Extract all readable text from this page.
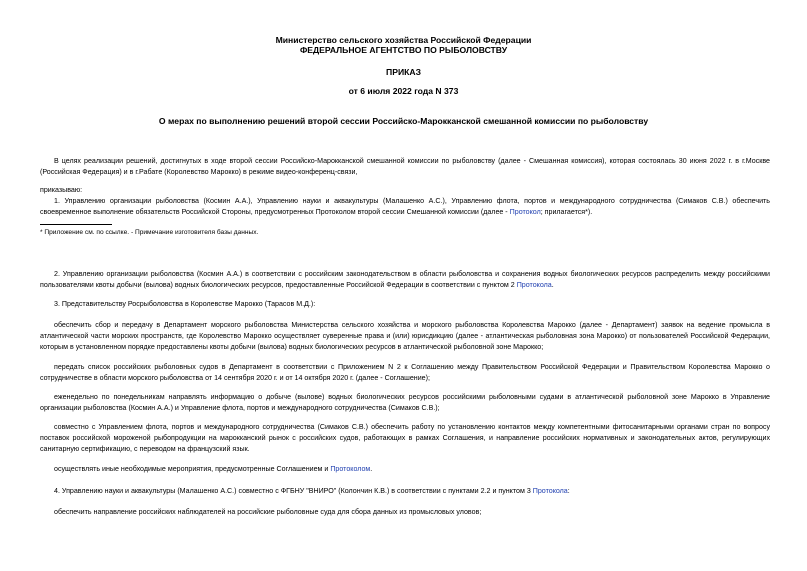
Министерство сельского хозяйства Российской Федерации
ФЕДЕРАЛЬНОЕ АГЕНТСТВО ПО РЫБОЛОВСТВУ
ПРИКАЗ
от 6 июля 2022 года N 373
О мерах по выполнению решений второй сессии Российско-Марокканской смешанной комиссии по рыболовству
В целях реализации решений, достигнутых в ходе второй сессии Российско-Марокканской смешанной комиссии по рыболовству (далее - Смешанная комиссия), которая состоялась 30 июня 2022 г. в г.Москве (Российская Федерация) и в г.Рабате (Королевство Марокко) в режиме видео-конференц-связи,
приказываю:
1. Управлению организации рыболовства (Космин А.А.), Управлению науки и аквакультуры (Малашенко А.С.), Управлению флота, портов и международного сотрудничества (Симаков С.В.) обеспечить своевременное выполнение обязательств Российской Стороны, предусмотренных Протоколом второй сессии Смешанной комиссии (далее - Протокол; прилагается*).
* Приложение см. по ссылке. - Примечание изготовителя базы данных.
2. Управлению организации рыболовства (Космин А.А.) в соответствии с российским законодательством в области рыболовства и сохранения водных биологических ресурсов распределить между российскими пользователями квоты добычи (вылова) водных биологических ресурсов, предоставленные Российской Федерации в соответствии с пунктом 2 Протокола.
3. Представительству Росрыболовства в Королевстве Марокко (Тарасов М.Д.):
обеспечить сбор и передачу в Департамент морского рыболовства Министерства сельского хозяйства и морского рыболовства Королевства Марокко (далее - Департамент) заявок на ведение промысла в атлантической части морских пространств, где Королевство Марокко осуществляет суверенные права и (или) юрисдикцию (далее - атлантическая рыболовная зона Марокко) от пользователей Российской Федерации, которым в установленном порядке предоставлены квоты добычи (вылова) водных биологических ресурсов в атлантической рыболовной зоне Марокко;
передать список российских рыболовных судов в Департамент в соответствии с Приложением N 2 к Соглашению между Правительством Российской Федерации и Правительством Королевства Марокко о сотрудничестве в области морского рыболовства от 14 сентября 2020 г. и от 14 октября 2020 г. (далее - Соглашение);
еженедельно по понедельникам направлять информацию о добыче (вылове) водных биологических ресурсов российскими рыболовными судами в атлантической рыболовной зоне Марокко в Управление организации рыболовства (Космин А.А.) и Управление флота, портов и международного сотрудничества (Симаков С.В.);
совместно с Управлением флота, портов и международного сотрудничества (Симаков С.В.) обеспечить работу по установлению контактов между компетентными фитосанитарными органами стран по вопросу поставок российской мороженой рыбопродукции на марокканский рынок с российских судов, работающих в рамках Соглашения, и направление российских нормативных и законодательных актов, регулирующих санитарную сертификацию, с переводом на французский язык.
осуществлять иные необходимые мероприятия, предусмотренные Соглашением и Протоколом.
4. Управлению науки и аквакультуры (Малашенко А.С.) совместно с ФГБНУ "ВНИРО" (Колончин К.В.) в соответствии с пунктами 2.2 и пунктом 3 Протокола:
обеспечить направление российских наблюдателей на российские рыболовные суда для сбора данных из промысловых уловов;
